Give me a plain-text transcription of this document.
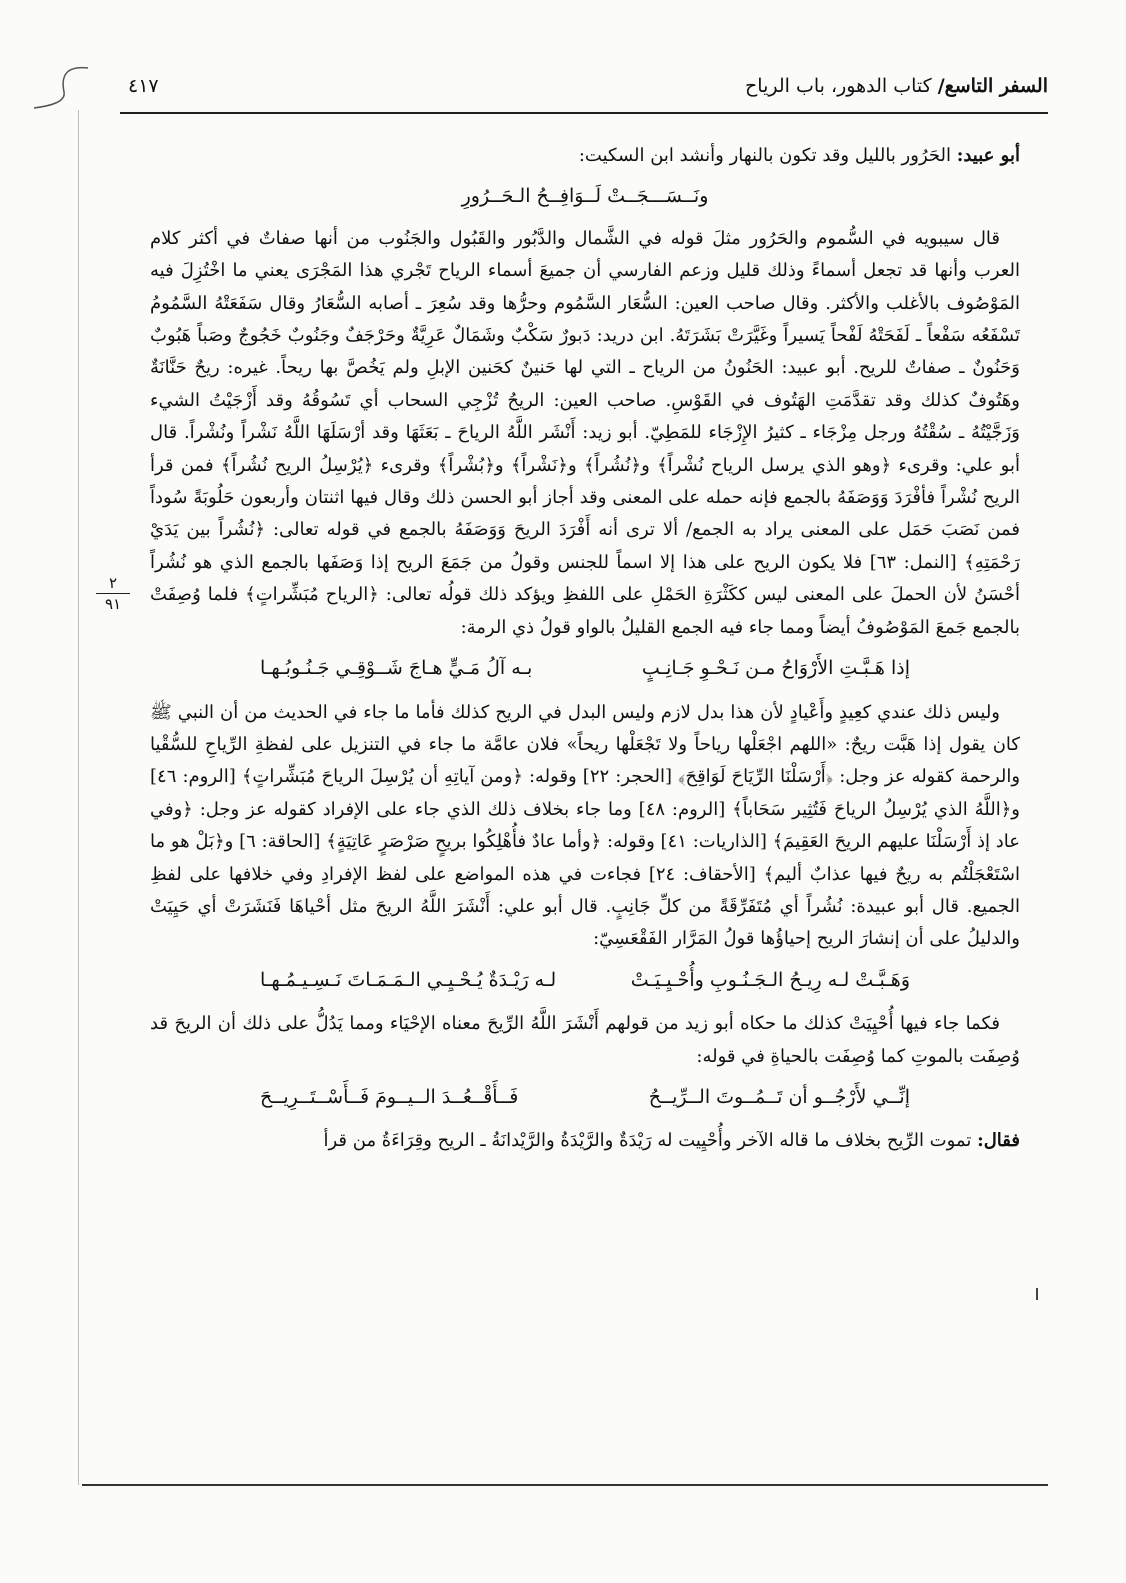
السفر التاسع/ كتاب الدهور، باب الرياح
٤١٧
٢
٩١

أبو عبيد: الحَرُور بالليل وقد تكون بالنهار وأنشد ابن السكيت:

ونَــسَـــجَــتْ لَــوَافِــحُ الـحَــرُورِ

قال سيبويه في السُّموم والحَرُور مثلَ قوله في الشَّمال والدَّبُور والقَبُول والجَنُوب من أنها صفاتٌ في أكثر كلام العرب وأنها قد تجعل أسماءً وذلك قليل وزعم الفارسي أن جميعَ أسماء الرياح تَجْري هذا المَجْرَى يعني ما اخْتُزِلَ فيه المَوْصُوف بالأغلب والأكثر. وقال صاحب العين: السُّعَار السَّمُوم وحرُّها وقد سُعِرَ ـ أصابه السُّعَارُ وقال سَفَعَتْهُ السَّمُومُ تَسْفَعُه سَفْعاً ـ لَفَحَتْهُ لَفْحاً يَسيراً وغَيَّرَتْ بَشَرَتَهُ. ابن دريد: دَبورٌ سَكْبٌ وشَمَالٌ عَرِيَّةٌ وحَرْجَفٌ وجَنُوبٌ خَجُوجٌ وصَباً هَبُوبٌ وَحَنُونٌ ـ صفاتٌ للريح. أبو عبيد: الحَنُونُ من الرياح ـ التي لها حَنينٌ كحَنين الإبلِ ولم يَخُصَّ بها ريحاً. غيره: ريحٌ حَنَّانَةٌ وهَتُوفٌ كذلك وقد تقدَّمَتِ الهَتُوف في القَوْسِ. صاحب العين: الريحُ تُزْجِي السحاب أي تَسُوقُهُ وقد أَزْجَيْتُ الشيء وَزَجَّيْتُهُ ـ سُقْتُهُ ورجل مِزْجَاء ـ كثيرُ الإِزْجَاء للمَطِيّ. أبو زيد: أَنْشَر اللَّهُ الرياحَ ـ بَعَثَهَا وقد أرْسَلَهَا اللَّهُ نَشْراً ونُشْراً. قال أبو علي: وقرىء ﴿وهو الذي يرسل الرياح نُشْراً﴾ و﴿نُشُراً﴾ و﴿نَشْراً﴾ و﴿بُشْراً﴾ وقرىء ﴿يُرْسِلُ الريح نُشُراً﴾ فمن قرأ الريح نُشْراً فأفْرَدَ وَوَصَفَهُ بالجمع فإنه حمله على المعنى وقد أجاز أبو الحسن ذلك وقال فيها اثنتان وأربعون حَلُوبَةً سُوداً فمن نَصَبَ حَمَل على المعنى يراد به الجمع/ ألا ترى أنه أَفْرَدَ الريحَ وَوَصَفَهُ بالجمع في قوله تعالى: ﴿نُشُراً بين يَدَيْ رَحْمَتِهِ﴾ [النمل: ٦٣] فلا يكون الريح على هذا إلا اسماً للجنس وقولُ من جَمَعَ الريح إذا وَصَفَها بالجمع الذي هو نُشُراً أحْسَنُ لأن الحملَ على المعنى ليس ككَثْرَةِ الحَمْلِ على اللفظِ ويؤكد ذلك قولُه تعالى: ﴿الرياح مُبَشِّراتٍ﴾ فلما وُصِفَتْ بالجمع جَمعَ المَوْصُوفُ أيضاً ومما جاء فيه الجمع القليلُ بالواو قولُ ذي الرمة:

إذا هَـبَّـتِ الأَرْوَاحُ مـن نَـحْـوِ جَـانِـبٍ
بـه آلُ مَـيٍّ هـاجَ شَــوْقِـي جَـنُـوبُـهـا

وليس ذلك عندي كعِيدٍ وأَعْيادٍ لأن هذا بدل لازم وليس البدل في الريح كذلك فأما ما جاء في الحديث من أن النبي ﷺ كان يقول إذا هَبَّت ريحٌ: «اللهم اجْعَلْها رياحاً ولا تَجْعَلْها ريحاً» فلان عامَّة ما جاء في التنزيل على لفظةِ الرِّياحِ للسُّقْيا والرحمة كقوله عز وجل: ﴿أَرْسَلْنَا الرِّيَاحَ لَوَاقِحَ﴾ [الحجر: ٢٢] وقوله: ﴿ومن آياتِهِ أن يُرْسِلَ الرياحَ مُبَشِّراتٍ﴾ [الروم: ٤٦] و﴿اللَّهُ الذي يُرْسِلُ الرياحَ فَتُثِير سَحَاباً﴾ [الروم: ٤٨] وما جاء بخلاف ذلك الذي جاء على الإفراد كقوله عز وجل: ﴿وفي عاد إذ أَرْسَلْنَا عليهم الريحَ العَقِيمَ﴾ [الذاريات: ٤١] وقوله: ﴿وأما عادٌ فأُهْلِكُوا بريحٍ صَرْصَرٍ عَاتِيَةٍ﴾ [الحاقة: ٦] و﴿بَلْ هو ما اسْتَعْجَلْتُم به ريحٌ فيها عذابٌ أليم﴾ [الأحقاف: ٢٤] فجاءت في هذه المواضع على لفظ الإفرادِ وفي خلافها على لفظِ الجميع. قال أبو عبيدة: نُشُراً أي مُتَفَرِّقَةً من كلِّ جَانِبٍ. قال أبو علي: أَنْشَرَ اللَّهُ الريحَ مثل أحْياهَا فَنَشَرَتْ أي حَيِيَتْ والدليلُ على أن إنشارَ الريح إحياؤُها قولُ المَرَّار الفَقْعَسِيّ:

وَهَـبَّـتْ لـه رِيـحُ الـجَـنُـوبِ وأُحْـيِـيَـتْ
لـه رَيْـدَةٌ يُـحْـيِـي الـمَـمَـاتَ نَـسِـيـمُـهـا

فكما جاء فيها أُحْيِيَتْ كذلك ما حكاه أبو زيد من قولهم أَنْشَرَ اللَّهُ الرِّيحَ معناه الإحْيَاء ومما يَدُلُّ على ذلك أن الريحَ قد وُصِفَت بالموتِ كما وُصِفَت بالحياةِ في قوله:

إنِّــي لأَرْجُــو أن تَــمُــوتَ الــرِّيــحُ
فَــأَقْــعُــدَ الــيــومَ فَــأَسْــتَــرِيــحَ

فقال: تموت الرِّيح بخلاف ما قاله الآخر وأُحْيِيت له رَيْدَةٌ والرَّيْدَةُ والرَّيْدانَةُ ـ الريح وقِرَاءَةُ من قرأ
